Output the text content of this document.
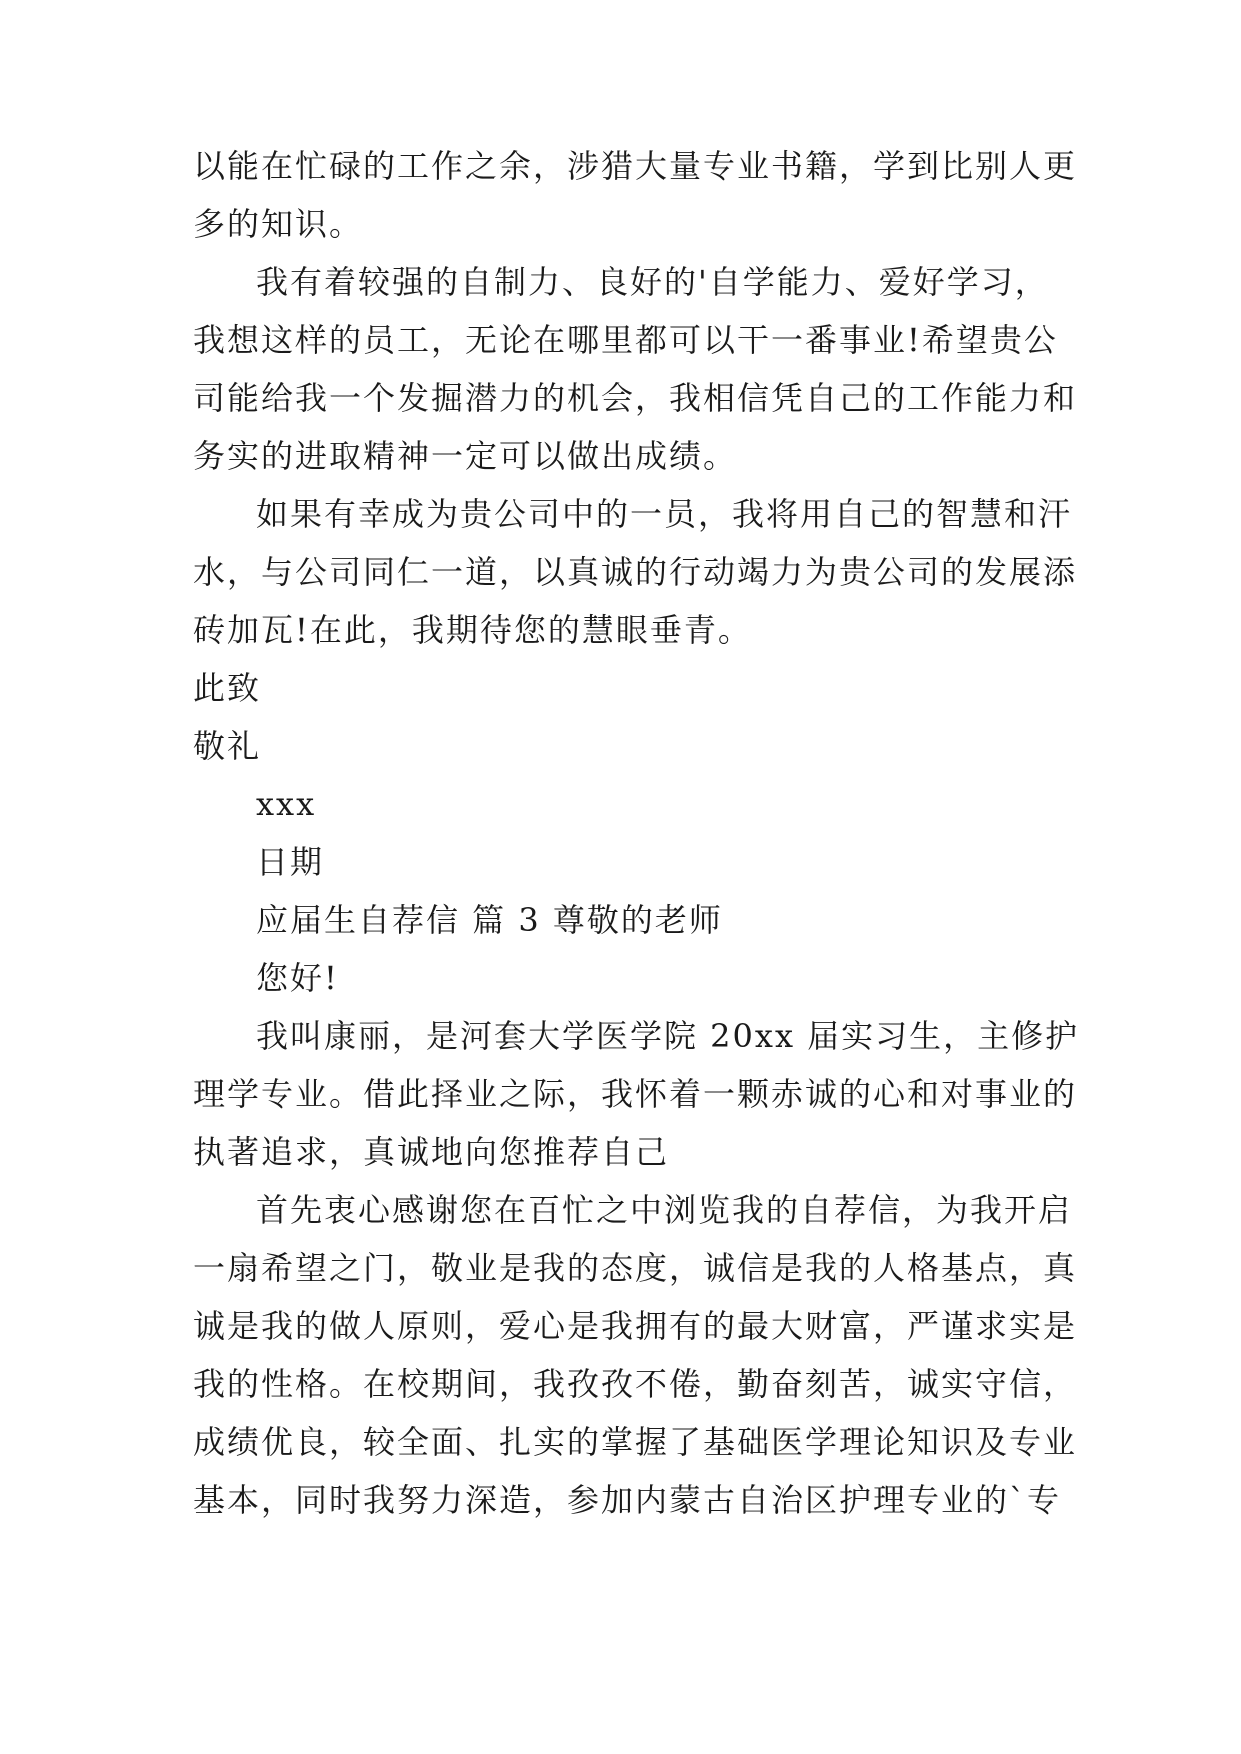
以能在忙碌的工作之余，涉猎大量专业书籍，学到比别人更
多的知识。
我有着较强的自制力、良好的'自学能力、爱好学习，
我想这样的员工，无论在哪里都可以干一番事业!希望贵公
司能给我一个发掘潜力的机会，我相信凭自己的工作能力和
务实的进取精神一定可以做出成绩。
如果有幸成为贵公司中的一员，我将用自己的智慧和汗
水，与公司同仁一道，以真诚的行动竭力为贵公司的发展添
砖加瓦!在此，我期待您的慧眼垂青。
此致
敬礼
xxx
日期
应届生自荐信 篇 3 尊敬的老师
您好!
我叫康丽，是河套大学医学院 20xx 届实习生，主修护
理学专业。借此择业之际，我怀着一颗赤诚的心和对事业的
执著追求，真诚地向您推荐自己
首先衷心感谢您在百忙之中浏览我的自荐信，为我开启
一扇希望之门，敬业是我的态度，诚信是我的人格基点，真
诚是我的做人原则，爱心是我拥有的最大财富，严谨求实是
我的性格。在校期间，我孜孜不倦，勤奋刻苦，诚实守信，
成绩优良，较全面、扎实的掌握了基础医学理论知识及专业
基本，同时我努力深造，参加内蒙古自治区护理专业的`专
